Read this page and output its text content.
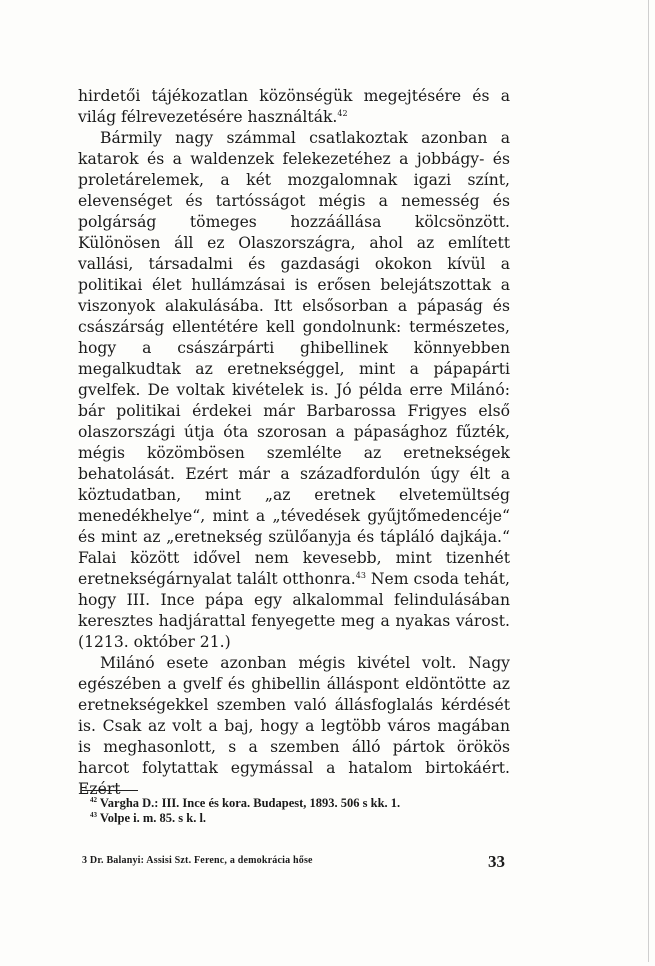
hirdetői tájékozatlan közönségük megejtésére és a világ félrevezetésére használták.$^{42}$

Bármily nagy számmal csatlakoztak azonban a katarok és a waldenzek felekezetéhez a jobbágy- és proletárelemek, a két mozgalomnak igazi színt, elevenséget és tartósságot mégis a nemesség és polgárság tömeges hozzáállása kölcsönzött. Különösen áll ez Olaszországra, ahol az említett vallási, társadalmi és gazdasági okokon kívül a politikai élet hullámzásai is erősen belejátszottak a viszonyok alakulásába. Itt elsősorban a pápaság és császárság ellentétére kell gondolnunk: természetes, hogy a császárpárti ghibellinek könnyebben megalkudtak az eretnekséggel, mint a pápapárti gvelfek. De voltak kivételek is. Jó példa erre Milánó: bár politikai érdekei már Barbarossa Frigyes első olaszországi útja óta szorosan a pápasághoz fűzték, mégis közömbösen szemlélte az eretnekségek behatolását. Ezért már a századfordulón úgy élt a köztudatban, mint „az eretnek elvetemültség menedékhelye“, mint a „tévedések gyűjtőmedencéje“ és mint az „eretnekség szülőanyja és tápláló dajkája.“ Falai között idővel nem kevesebb, mint tizenhét eretnekségárnyalat talált otthonra.$^{43}$ Nem csoda tehát, hogy III. Ince pápa egy alkalommal felindulásában keresztes hadjárattal fenyegette meg a nyakas várost. (1213. október 21.)

Milánó esete azonban mégis kivétel volt. Nagy egészében a gvelf és ghibellin álláspont eldöntötte az eretnekségekkel szemben való állásfoglalás kérdését is. Csak az volt a baj, hogy a legtöbb város magában is meghasonlott, s a szemben álló pártok örökös harcot folytattak egymással a hatalom birtokáért. Ezért

$^{42}$ Vargha D.: III. Ince és kora. Budapest, 1893. 506 s kk. 1.

$^{43}$ Volpe i. m. 85. s k. l.

3 Dr. Balanyi: Assisi Szt. Ferenc, a demokrácia hőse	33
